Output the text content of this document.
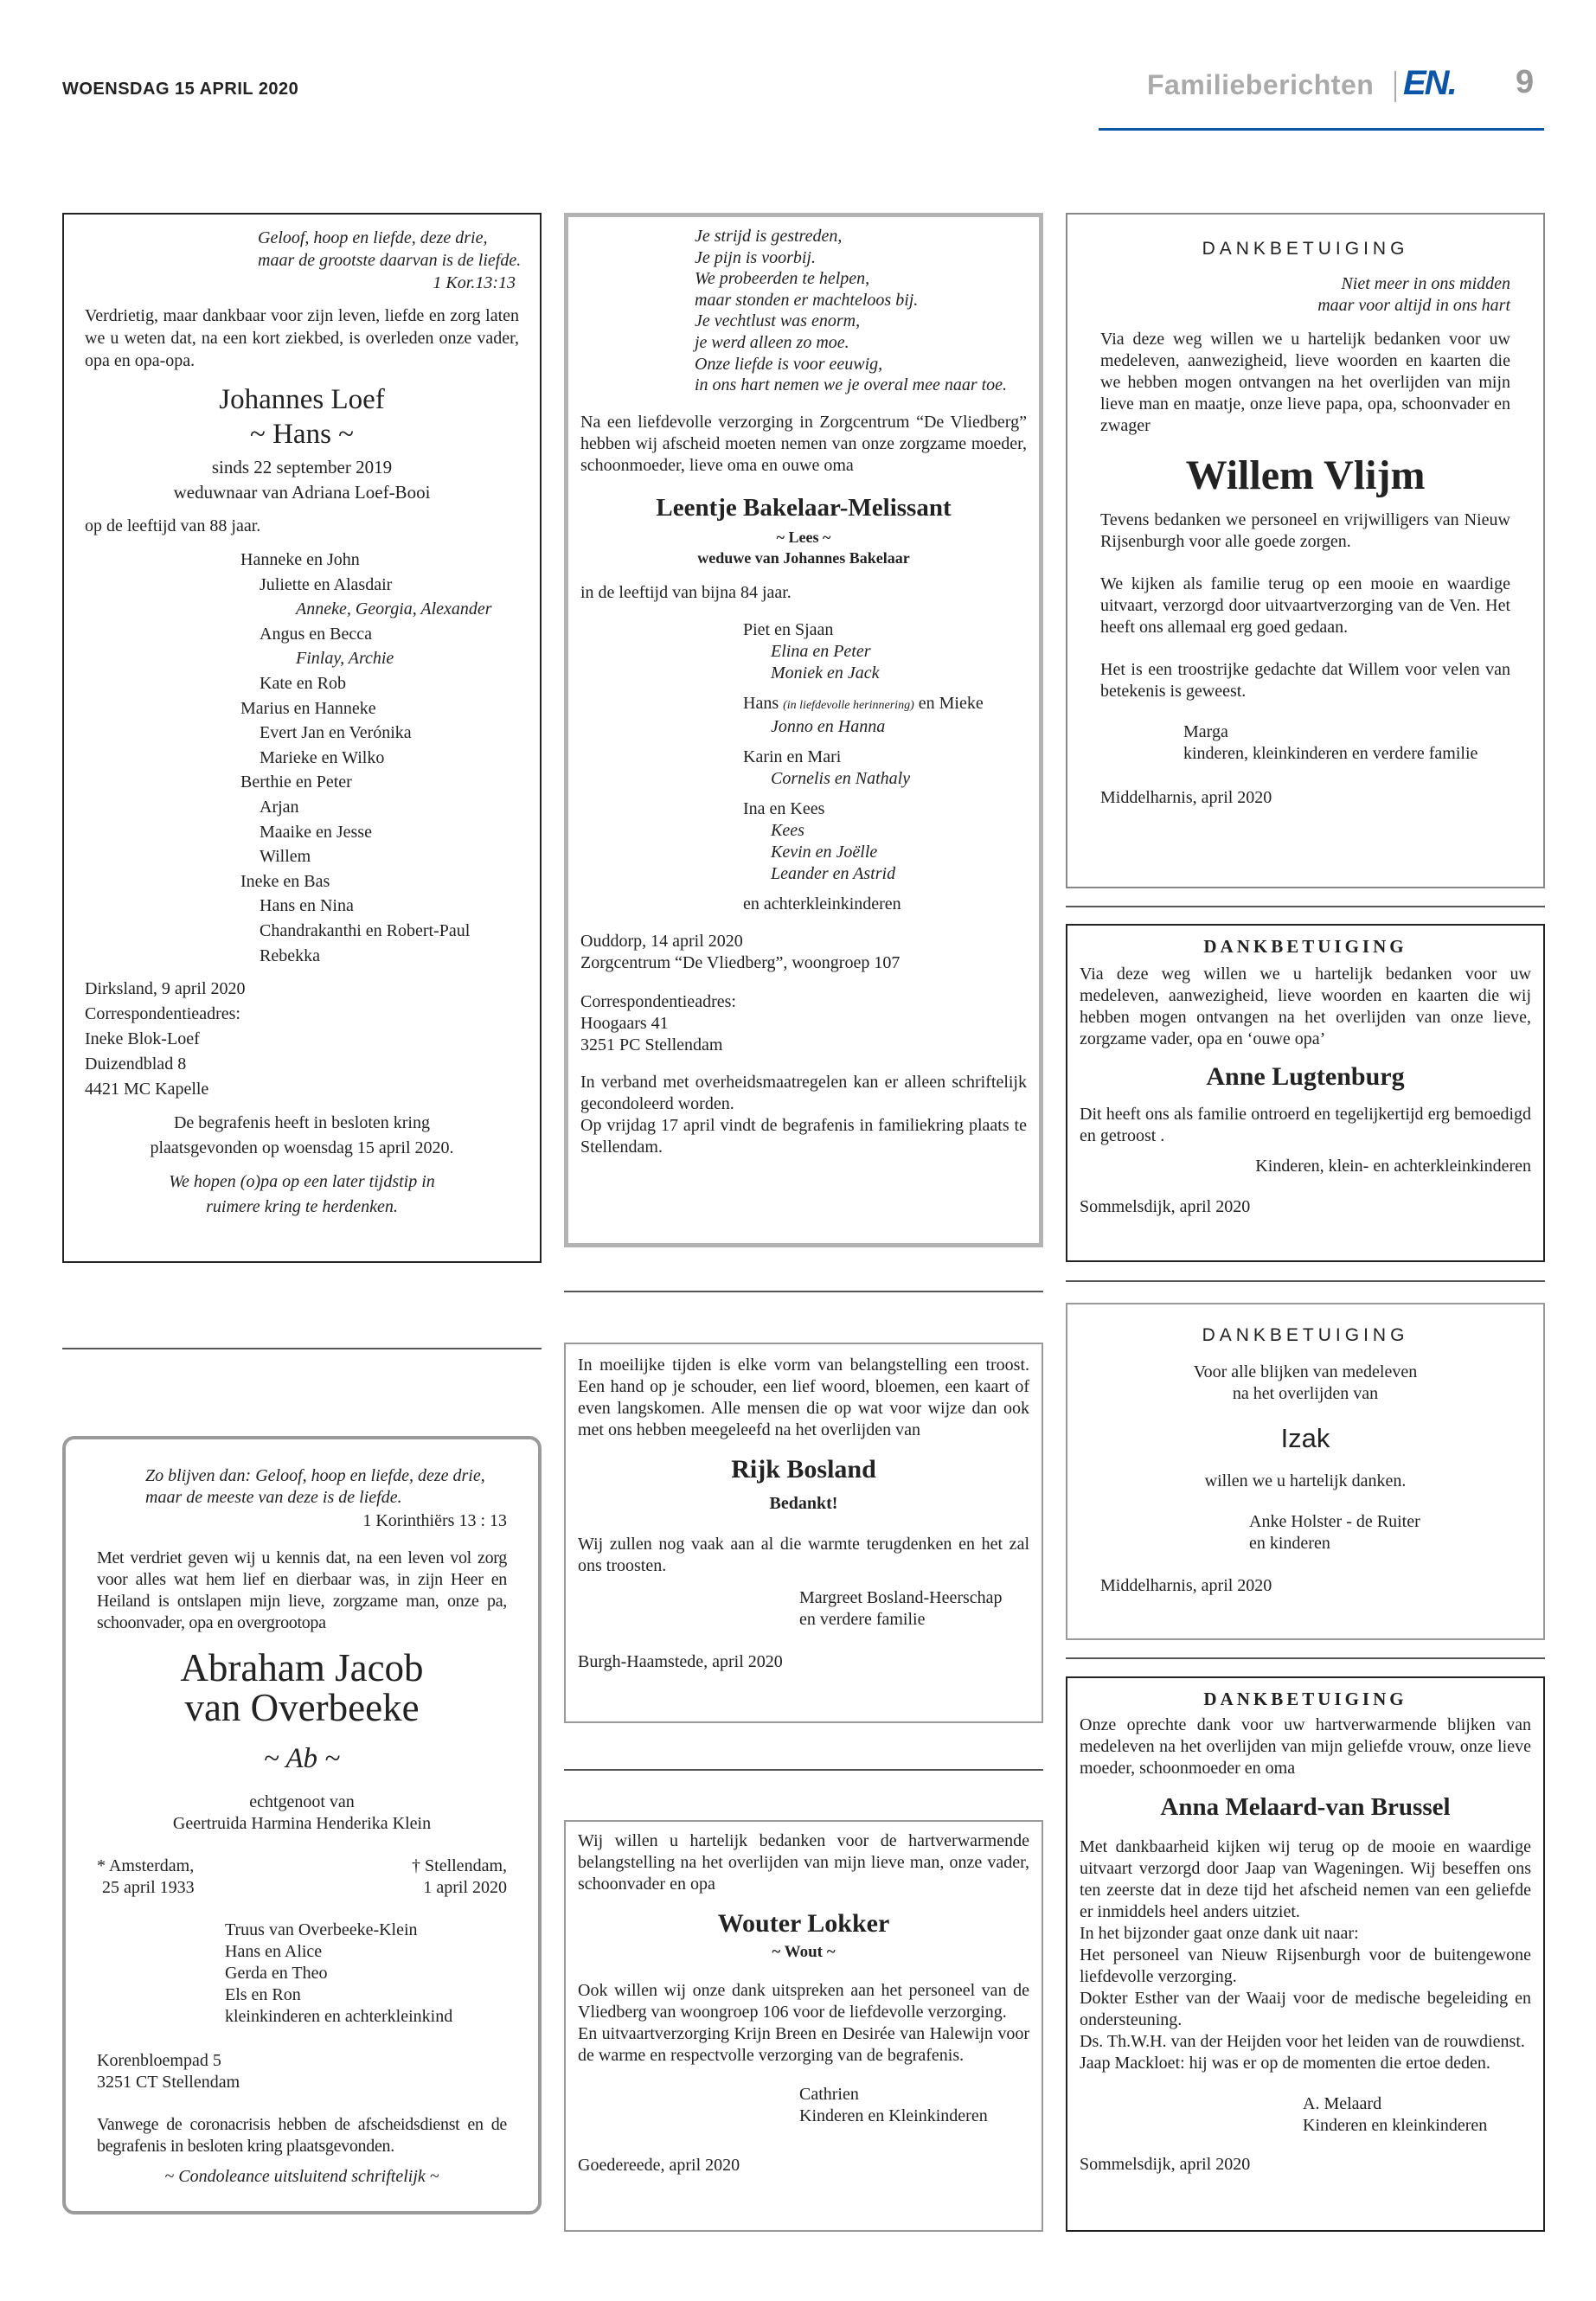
WOENSDAG 15 APRIL 2020	Familieberichten EN. 9
Geloof, hoop en liefde, deze drie,
maar de grootste daarvan is de liefde.
1 Kor.13:13

Verdrietig, maar dankbaar voor zijn leven, liefde en zorg laten we u weten dat, na een kort ziekbed, is overleden onze vader, opa en opa-opa.

Johannes Loef
~ Hans ~
sinds 22 september 2019
weduwnaar van Adriana Loef-Booi

op de leeftijd van 88 jaar.

Hanneke en John
Juliette en Alasdair
Anneke, Georgia, Alexander
Angus en Becca
Finlay, Archie
Kate en Rob
Marius en Hanneke
Evert Jan en Verónika
Marieke en Wilko
Berthie en Peter
Arjan
Maaike en Jesse
Willem
Ineke en Bas
Hans en Nina
Chandrakanthi en Robert-Paul
Rebekka
Dirksland, 9 april 2020
Correspondentieadres:
Ineke Blok-Loef
Duizendblad 8
4421 MC Kapelle
De begrafenis heeft in besloten kring
plaatsgevonden op woensdag 15 april 2020.
We hopen (o)pa op een later tijdstip in
ruimere kring te herdenken.
Je strijd is gestreden,
Je pijn is voorbij.
We probeerden te helpen,
maar stonden er machteloos bij.
Je vechtlust was enorm,
je werd alleen zo moe.
Onze liefde is voor eeuwig,
in ons hart nemen we je overal mee naar toe.

Na een liefdevolle verzorging in Zorgcentrum “De Vliedberg” hebben wij afscheid moeten nemen van onze zorgzame moeder, schoonmoeder, lieve oma en ouwe oma

Leentje Bakelaar-Melissant
~ Lees ~
weduwe van Johannes Bakelaar

in de leeftijd van bijna 84 jaar.

Piet en Sjaan
Elina en Peter
Moniek en Jack
Hans (in liefdevolle herinnering) en Mieke
Jonno en Hanna
Karin en Mari
Cornelis en Nathaly
Ina en Kees
Kees
Kevin en Joëlle
Leander en Astrid
en achterkleinkinderen
Ouddorp, 14 april 2020
Zorgcentrum “De Vliedberg”, woongroep 107
Correspondentieadres:
Hoogaars 41
3251 PC Stellendam

In verband met overheidsmaatregelen kan er alleen schriftelijk gecondoleerd worden.

Op vrijdag 17 april vindt de begrafenis in familiekring plaats te Stellendam.

DANKBETUIGING
Niet meer in ons midden
maar voor altijd in ons hart

Via deze weg willen we u hartelijk bedanken voor uw medeleven, aanwezigheid, lieve woorden en kaarten die we hebben mogen ontvangen na het overlijden van mijn lieve man en maatje, onze lieve papa, opa, schoonvader en zwager

Willem Vlijm

Tevens bedanken we personeel en vrijwilligers van Nieuw Rijsenburgh voor alle goede zorgen.

We kijken als familie terug op een mooie en waardige uitvaart, verzorgd door uitvaartverzorging van de Ven. Het heeft ons allemaal erg goed gedaan.

Het is een troostrijke gedachte dat Willem voor velen van betekenis is geweest.

Marga
kinderen, kleinkinderen en verdere familie

Middelharnis, april 2020

DANKBETUIGING

Via deze weg willen we u hartelijk bedanken voor uw medeleven, aanwezigheid, lieve woorden en kaarten die wij hebben mogen ontvangen na het overlijden van onze lieve, zorgzame vader, opa en ‘ouwe opa’

Anne Lugtenburg

Dit heeft ons als familie ontroerd en tegelijkertijd erg bemoedigd en getroost .

Kinderen, klein- en achterkleinkinderen

Sommelsdijk, april 2020

Zo blijven dan: Geloof, hoop en liefde, deze drie,
maar de meeste van deze is de liefde.

1 Korinthiërs 13 : 13

Met verdriet geven wij u kennis dat, na een leven vol zorg voor alles wat hem lief en dierbaar was, in zijn Heer en Heiland is ontslapen mijn lieve, zorgzame man, onze pa, schoonvader, opa en overgrootopa

Abraham Jacob
van Overbeeke
~ Ab ~
echtgenoot van
Geertruida Harmina Henderika Klein
* Amsterdam,
25 april 1933
† Stellendam,
1 april 2020
Truus van Overbeeke-Klein
Hans en Alice
Gerda en Theo
Els en Ron
kleinkinderen en achterkleinkind
Korenbloempad 5
3251 CT Stellendam

Vanwege de coronacrisis hebben de afscheidsdienst en de begrafenis in besloten kring plaatsgevonden.

~ Condoleance uitsluitend schriftelijk ~

In moeilijke tijden is elke vorm van belangstelling een troost. Een hand op je schouder, een lief woord, bloemen, een kaart of even langskomen. Alle mensen die op wat voor wijze dan ook met ons hebben meegeleefd na het overlijden van

Rijk Bosland
Bedankt!

Wij zullen nog vaak aan al die warmte terugdenken en het zal ons troosten.

Margreet Bosland-Heerschap
en verdere familie

Burgh-Haamstede, april 2020

Wij willen u hartelijk bedanken voor de hartverwarmende belangstelling na het overlijden van mijn lieve man, onze vader, schoonvader en opa

Wouter Lokker
~ Wout ~

Ook willen wij onze dank uitspreken aan het personeel van de Vliedberg van woongroep 106 voor de liefdevolle verzorging.

En uitvaartverzorging Krijn Breen en Desirée van Halewijn voor de warme en respectvolle verzorging van de begrafenis.

Cathrien
Kinderen en Kleinkinderen

Goedereede, april 2020

DANKBETUIGING
Voor alle blijken van medeleven
na het overlijden van
Izak
willen we u hartelijk danken.
Anke Holster - de Ruiter
en kinderen

Middelharnis, april 2020

DANKBETUIGING

Onze oprechte dank voor uw hartverwarmende blijken van medeleven na het overlijden van mijn geliefde vrouw, onze lieve moeder, schoonmoeder en oma

Anna Melaard-van Brussel

Met dankbaarheid kijken wij terug op de mooie en waardige uitvaart verzorgd door Jaap van Wageningen. Wij beseffen ons ten zeerste dat in deze tijd het afscheid nemen van een geliefde er inmiddels heel anders uitziet.

In het bijzonder gaat onze dank uit naar:

Het personeel van Nieuw Rijsenburgh voor de buitengewone liefdevolle verzorging.

Dokter Esther van der Waaij voor de medische begeleiding en ondersteuning.

Ds. Th.W.H. van der Heijden voor het leiden van de rouwdienst.

Jaap Mackloet: hij was er op de momenten die ertoe deden.

A. Melaard
Kinderen en kleinkinderen

Sommelsdijk, april 2020
